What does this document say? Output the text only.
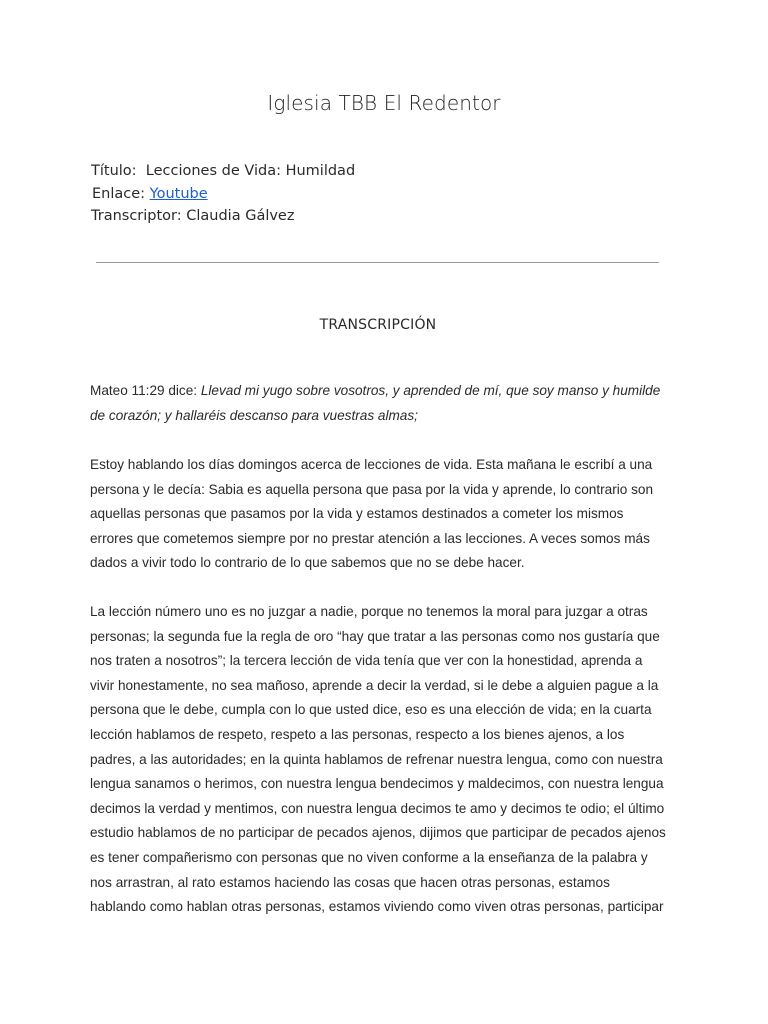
Iglesia TBB El Redentor
Título: Lecciones de Vida: Humildad
Enlace: Youtube
Transcriptor: Claudia Gálvez
TRANSCRIPCIÓN
Mateo 11:29 dice: Llevad mi yugo sobre vosotros, y aprended de mí, que soy manso y humilde
de corazón; y hallaréis descanso para vuestras almas;
Estoy hablando los días domingos acerca de lecciones de vida. Esta mañana le escribí a una
persona y le decía: Sabia es aquella persona que pasa por la vida y aprende, lo contrario son
aquellas personas que pasamos por la vida y estamos destinados a cometer los mismos
errores que cometemos siempre por no prestar atención a las lecciones. A veces somos más
dados a vivir todo lo contrario de lo que sabemos que no se debe hacer.
La lección número uno es no juzgar a nadie, porque no tenemos la moral para juzgar a otras
personas; la segunda fue la regla de oro “hay que tratar a las personas como nos gustaría que
nos traten a nosotros”; la tercera lección de vida tenía que ver con la honestidad, aprenda a
vivir honestamente, no sea mañoso, aprende a decir la verdad, si le debe a alguien pague a la
persona que le debe, cumpla con lo que usted dice, eso es una elección de vida; en la cuarta
lección hablamos de respeto, respeto a las personas, respecto a los bienes ajenos, a los
padres, a las autoridades; en la quinta hablamos de refrenar nuestra lengua, como con nuestra
lengua sanamos o herimos, con nuestra lengua bendecimos y maldecimos, con nuestra lengua
decimos la verdad y mentimos, con nuestra lengua decimos te amo y decimos te odio; el último
estudio hablamos de no participar de pecados ajenos, dijimos que participar de pecados ajenos
es tener compañerismo con personas que no viven conforme a la enseñanza de la palabra y
nos arrastran, al rato estamos haciendo las cosas que hacen otras personas, estamos
hablando como hablan otras personas, estamos viviendo como viven otras personas, participar
